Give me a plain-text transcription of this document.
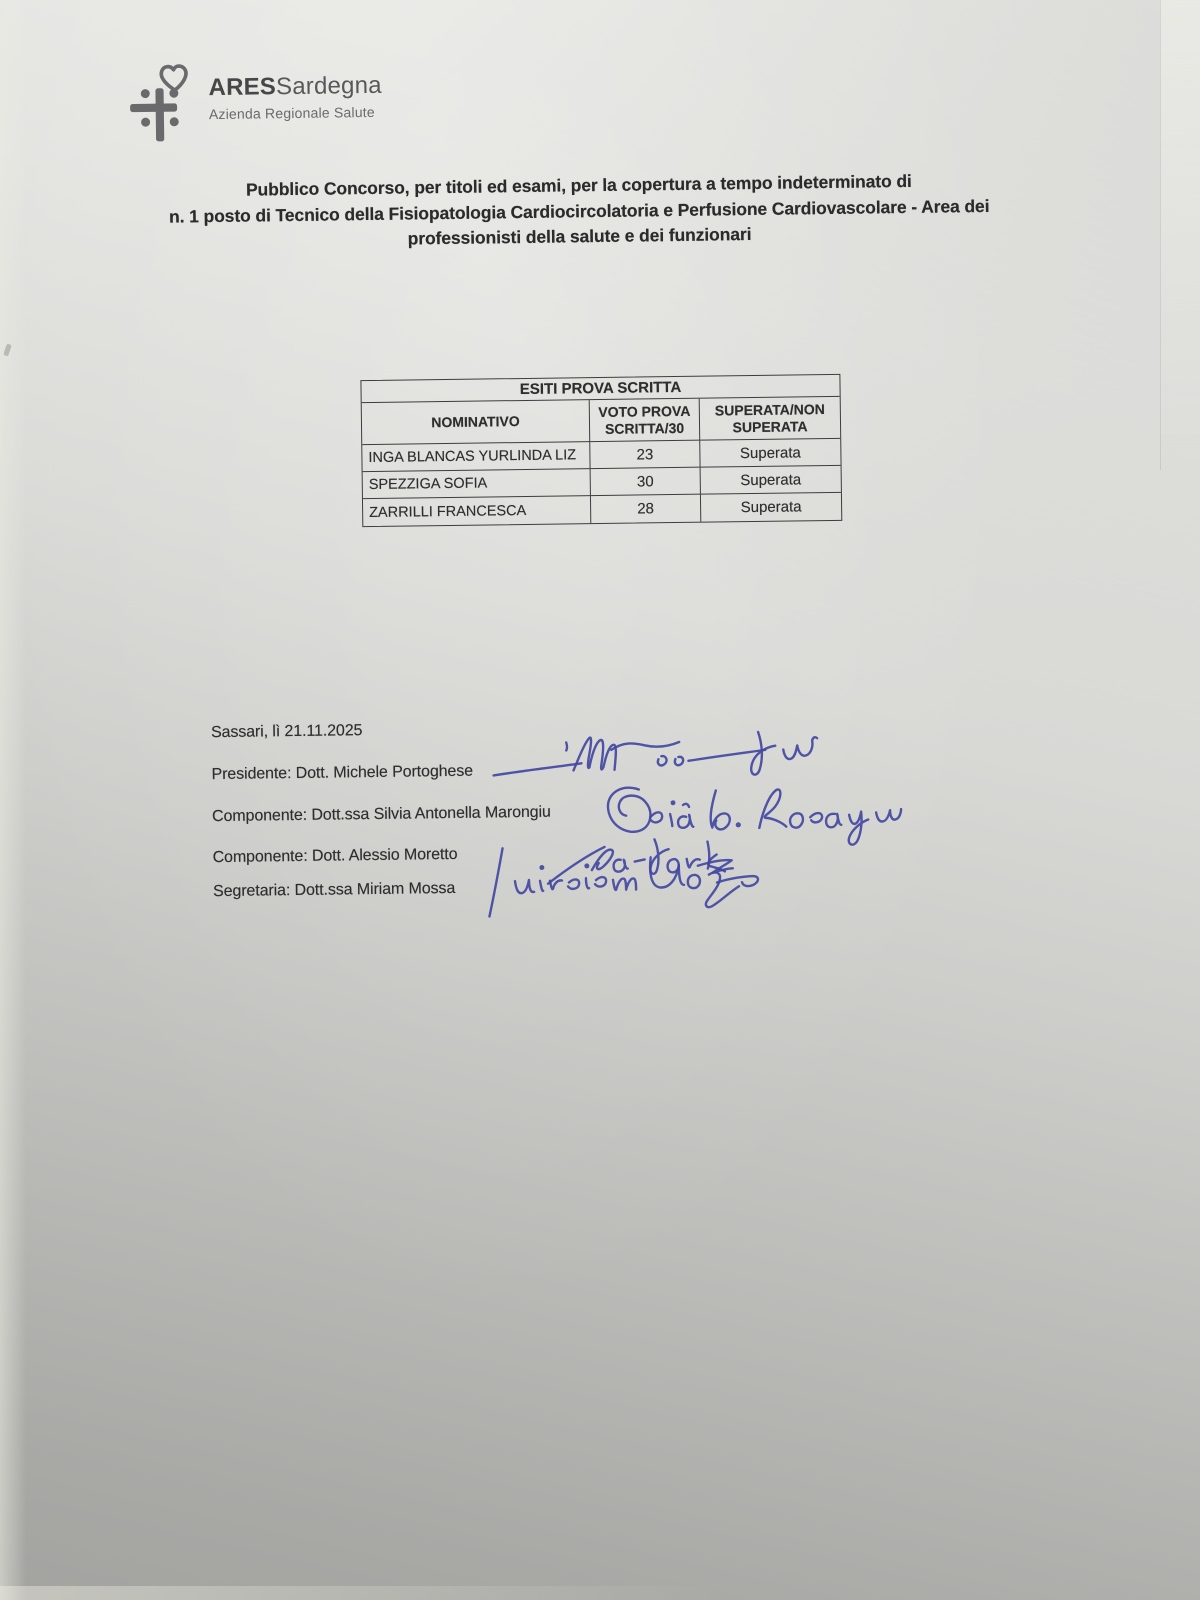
ARESSardegna
Azienda Regionale Salute
Pubblico Concorso, per titoli ed esami, per la copertura a tempo indeterminato di
n. 1 posto di Tecnico della Fisiopatologia Cardiocircolatoria e Perfusione Cardiovascolare - Area dei
professionisti della salute e dei funzionari
ESITI PROVA SCRITTA
NOMINATIVO
VOTO PROVA SCRITTA/30
SUPERATA/NON SUPERATA
INGA BLANCAS YURLINDA LIZ	23	Superata
SPEZZIGA SOFIA	30	Superata
ZARRILLI FRANCESCA	28	Superata
Sassari, lì 21.11.2025
Presidente: Dott. Michele Portoghese
Componente: Dott.ssa Silvia Antonella Marongiu
Componente: Dott. Alessio Moretto
Segretaria: Dott.ssa Miriam Mossa
